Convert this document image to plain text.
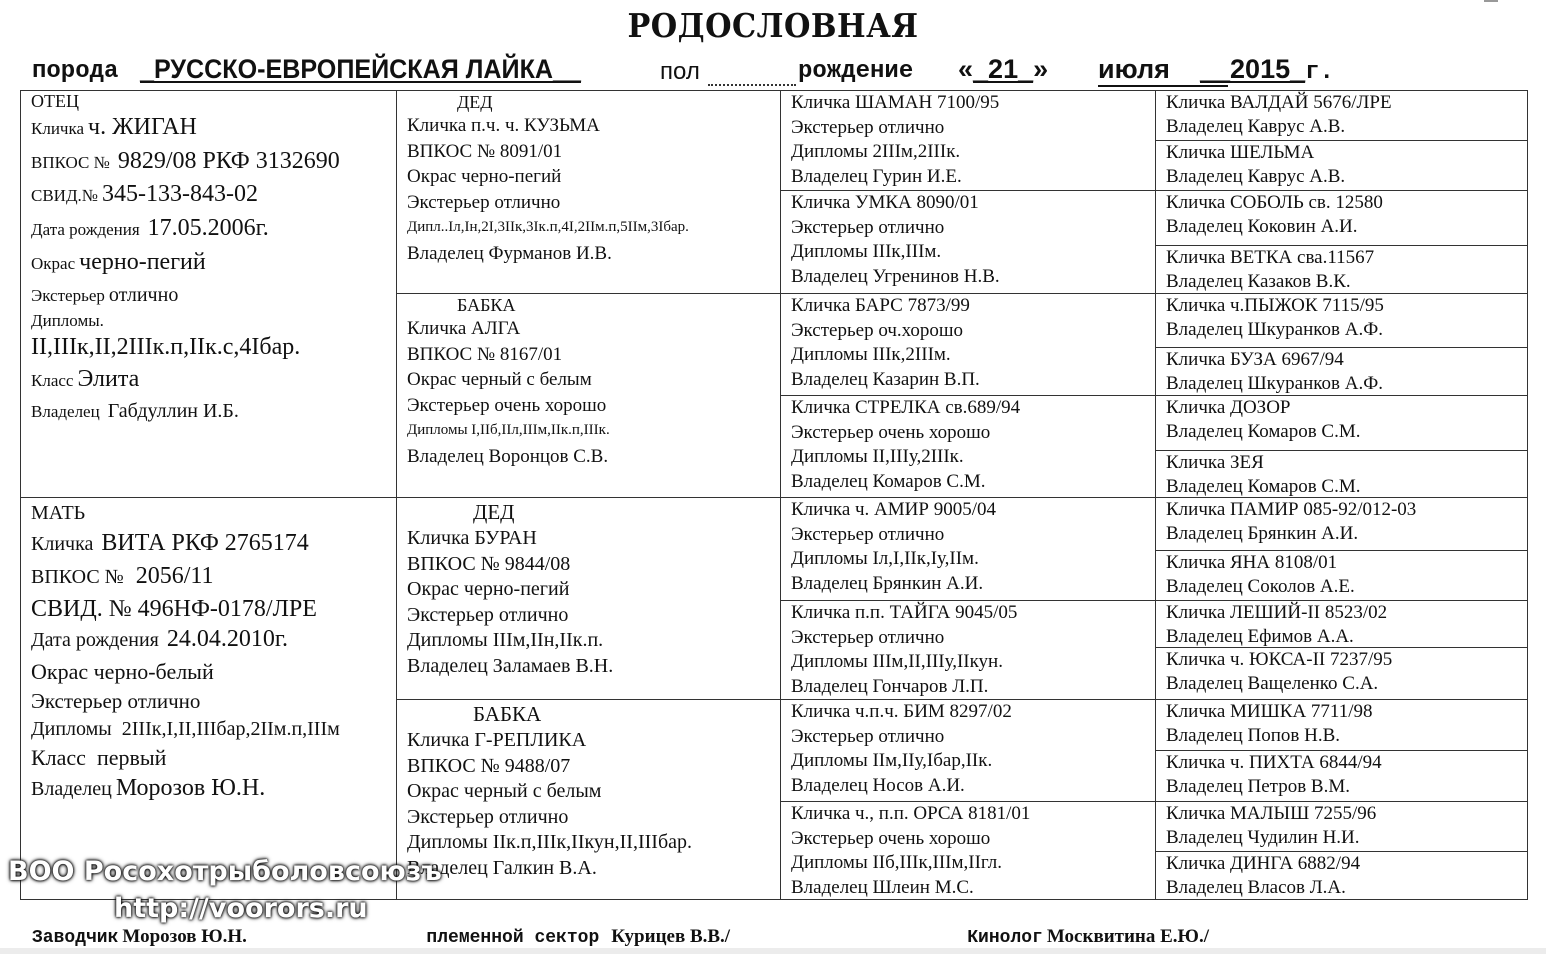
РОДОСЛОВНАЯ
порода _РУССКО-ЕВРОПЕЙСКАЯ ЛАЙКА__	пол	рождение «_21_» июля	__2015_г.
ОТЕЦ
Кличка ч. ЖИГАН
ВПКОС № 9829/08 РКФ 3132690
СВИД.№ 345-133-843-02
Дата рождения 17.05.2006г.
Окрас черно-пегий
Экстерьер отлично
Дипломы.
II,IIIк,II,2IIIк.п,IIк.с,4Iбар.
Класс Элита
Владелец Габдуллин И.Б.
МАТЬ
Кличка ВИТА РКФ 2765174
ВПКОС № 2056/11
СВИД. № 496НФ-0178/ЛРЕ
Дата рождения 24.04.2010г.
Окрас черно-белый
Экстерьер отлично
Дипломы 2IIIк,I,II,IIIбар,2IIм.п,IIIм
Класс первый
Владелец Морозов Ю.Н.
ДЕД
Кличка п.ч. ч. КУЗЬМА
ВПКОС № 8091/01
Окрас черно-пегий
Экстерьер отлично
Дипл..Iл,Iн,2I,3IIк,3Iк.п,4I,2IIм.п,5IIм,3Iбар.
Владелец Фурманов И.В.
БАБКА
Кличка АЛГА
ВПКОС № 8167/01
Окрас черный с белым
Экстерьер очень хорошо
Дипломы I,IIб,IIл,IIIм,IIк.п,IIIк.
Владелец Воронцов С.В.
ДЕД
Кличка БУРАН
ВПКОС № 9844/08
Окрас черно-пегий
Экстерьер отлично
Дипломы IIIм,IIн,IIк.п.
Владелец Заламаев В.Н.
БАБКА
Кличка Г-РЕПЛИКА
ВПКОС № 9488/07
Окрас черный с белым
Экстерьер отлично
Дипломы IIк.п,IIIк,IIкун,II,IIIбар.
Владелец Галкин В.А.
Кличка ШАМАН 7100/95
Экстерьер отлично
Дипломы 2IIIм,2IIIк.
Владелец Гурин И.Е.
Кличка УМКА 8090/01
Экстерьер отлично
Дипломы IIIк,IIIм.
Владелец Угренинов Н.В.
Кличка БАРС 7873/99
Экстерьер оч.хорошо
Дипломы IIIк,2IIIм.
Владелец Казарин В.П.
Кличка СТРЕЛКА св.689/94
Экстерьер очень хорошо
Дипломы II,IIIу,2IIIк.
Владелец Комаров С.М.
Кличка ч. АМИР 9005/04
Экстерьер отлично
Дипломы Iл,I,IIк,Iу,IIм.
Владелец Брянкин А.И.
Кличка п.п. ТАЙГА 9045/05
Экстерьер отлично
Дипломы IIIм,II,IIIу,IIкун.
Владелец Гончаров Л.П.
Кличка ч.п.ч. БИМ 8297/02
Экстерьер отлично
Дипломы IIм,IIу,Iбар,IIк.
Владелец Носов А.И.
Кличка ч., п.п. ОРСА 8181/01
Экстерьер очень хорошо
Дипломы IIб,IIIк,IIIм,IIгл.
Владелец Шлеин М.С.
Кличка ВАЛДАЙ 5676/ЛРЕ
Владелец Каврус А.В.
Кличка ШЕЛЬМА
Владелец Каврус А.В.
Кличка СОБОЛЬ св. 12580
Владелец Коковин А.И.
Кличка ВЕТКА сва.11567
Владелец Казаков В.К.
Кличка ч.ПЫЖОК 7115/95
Владелец Шкуранков А.Ф.
Кличка БУЗА 6967/94
Владелец Шкуранков А.Ф.
Кличка ДОЗОР
Владелец Комаров С.М.
Кличка ЗЕЯ
Владелец Комаров С.М.
Кличка ПАМИР 085-92/012-03
Владелец Брянкин А.И.
Кличка ЯНА 8108/01
Владелец Соколов А.Е.
Кличка ЛЕШИЙ-II 8523/02
Владелец Ефимов А.А.
Кличка ч. ЮКСА-II 7237/95
Владелец Ващеленко С.А.
Кличка МИШКА 7711/98
Владелец Попов Н.В.
Кличка ч. ПИХТА 6844/94
Владелец Петров В.М.
Кличка МАЛЫШ 7255/96
Владелец Чудилин Н.И.
Кличка ДИНГА 6882/94
Владелец Власов Л.А.
ВОО Росохотрыболовсоюзъ
http://voorors.ru
Заводчик Морозов Ю.Н.	племенной сектор Курицев В.В./	Кинолог Москвитина Е.Ю./
